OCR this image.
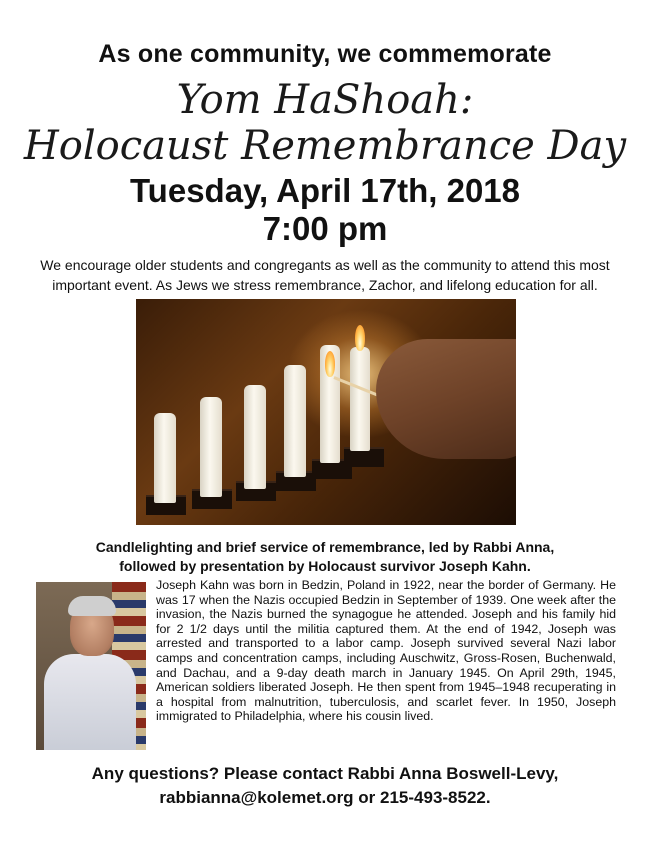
As one community, we commemorate
Yom HaShoah:
Holocaust Remembrance Day
Tuesday, April 17th, 2018
7:00 pm
We encourage older students and congregants as well as the community to attend this most important event. As Jews we stress remembrance, Zachor, and lifelong education for all.
Candlelighting and brief service of remembrance, led by Rabbi Anna,
followed by presentation by Holocaust survivor Joseph Kahn.
Joseph Kahn was born in Bedzin, Poland in 1922, near the border of Germany. He was 17 when the Nazis occupied Bedzin in September of 1939. One week after the invasion, the Nazis burned the synagogue he attended. Joseph and his family hid for 2 1/2 days until the militia captured them. At the end of 1942, Joseph was arrested and transported to a labor camp. Joseph survived several Nazi labor camps and concentration camps, including Auschwitz, Gross-Rosen, Buchenwald, and Dachau, and a 9-day death march in January 1945. On April 29th, 1945, American soldiers liberated Joseph. He then spent from 1945–1948 recuperating in a hospital from malnutrition, tuberculosis, and scarlet fever. In 1950, Joseph immigrated to Philadelphia, where his cousin lived.
Any questions? Please contact Rabbi Anna Boswell-Levy,
rabbianna@kolemet.org or 215-493-8522.
